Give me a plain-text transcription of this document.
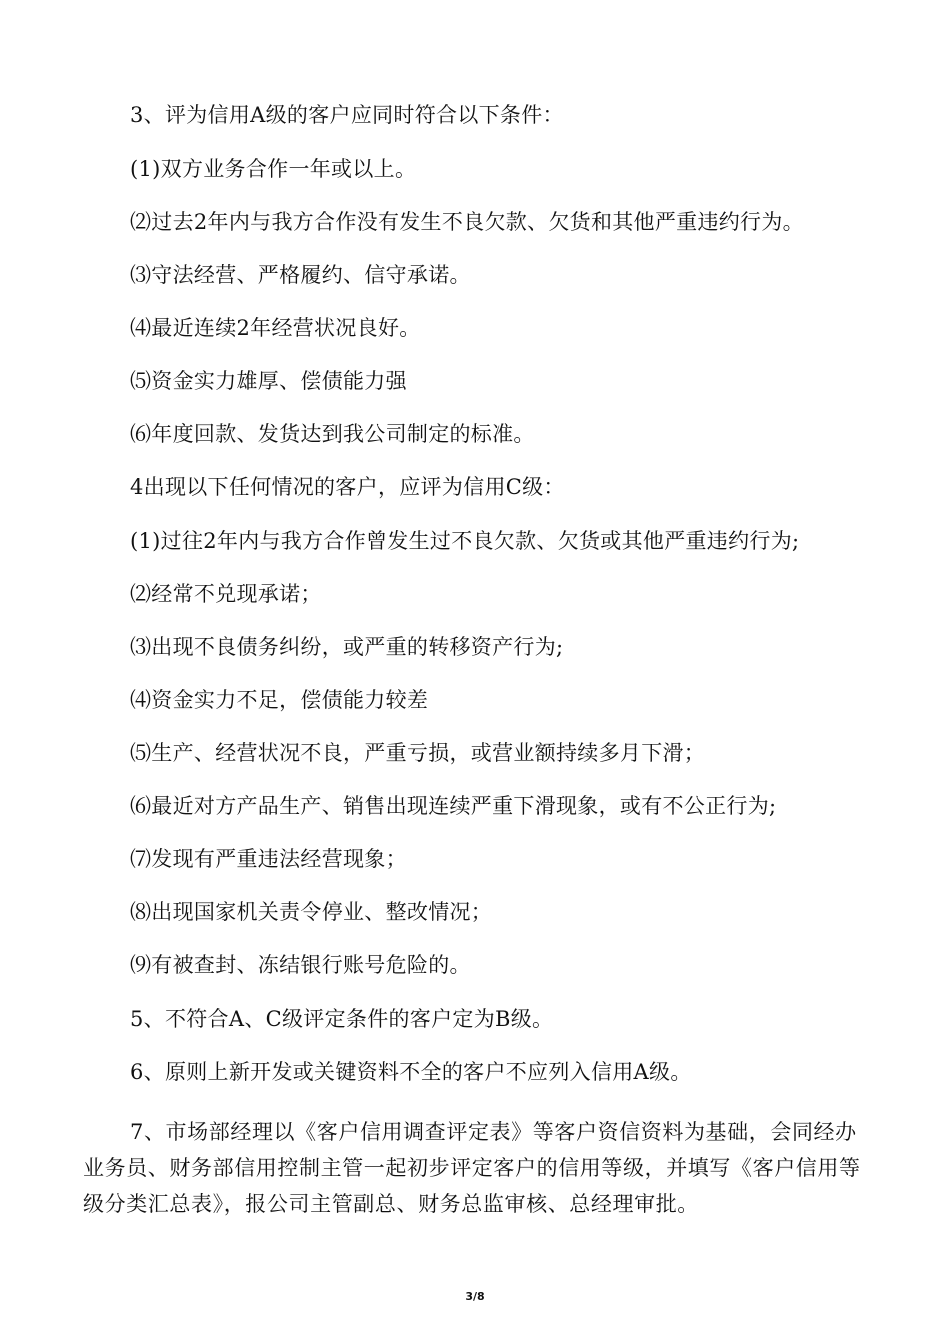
3、评为信用A级的客户应同时符合以下条件：
(1)双方业务合作一年或以上。
⑵过去2年内与我方合作没有发生不良欠款、欠货和其他严重违约行为。
⑶守法经营、严格履约、信守承诺。
⑷最近连续2年经营状况良好。
⑸资金实力雄厚、偿债能力强
⑹年度回款、发货达到我公司制定的标准。
4出现以下任何情况的客户，应评为信用C级：
(1)过往2年内与我方合作曾发生过不良欠款、欠货或其他严重违约行为;
⑵经常不兑现承诺；
⑶出现不良债务纠纷，或严重的转移资产行为;
⑷资金实力不足，偿债能力较差
⑸生产、经营状况不良，严重亏损，或营业额持续多月下滑；
⑹最近对方产品生产、销售出现连续严重下滑现象，或有不公正行为;
⑺发现有严重违法经营现象；
⑻出现国家机关责令停业、整改情况；
⑼有被查封、冻结银行账号危险的。
5、不符合A、C级评定条件的客户定为B级。
6、原则上新开发或关键资料不全的客户不应列入信用A级。
7、市场部经理以《客户信用调查评定表》等客户资信资料为基础，会同经办业务员、财务部信用控制主管一起初步评定客户的信用等级，并填写《客户信用等级分类汇总表》，报公司主管副总、财务总监审核、总经理审批。
3/8
